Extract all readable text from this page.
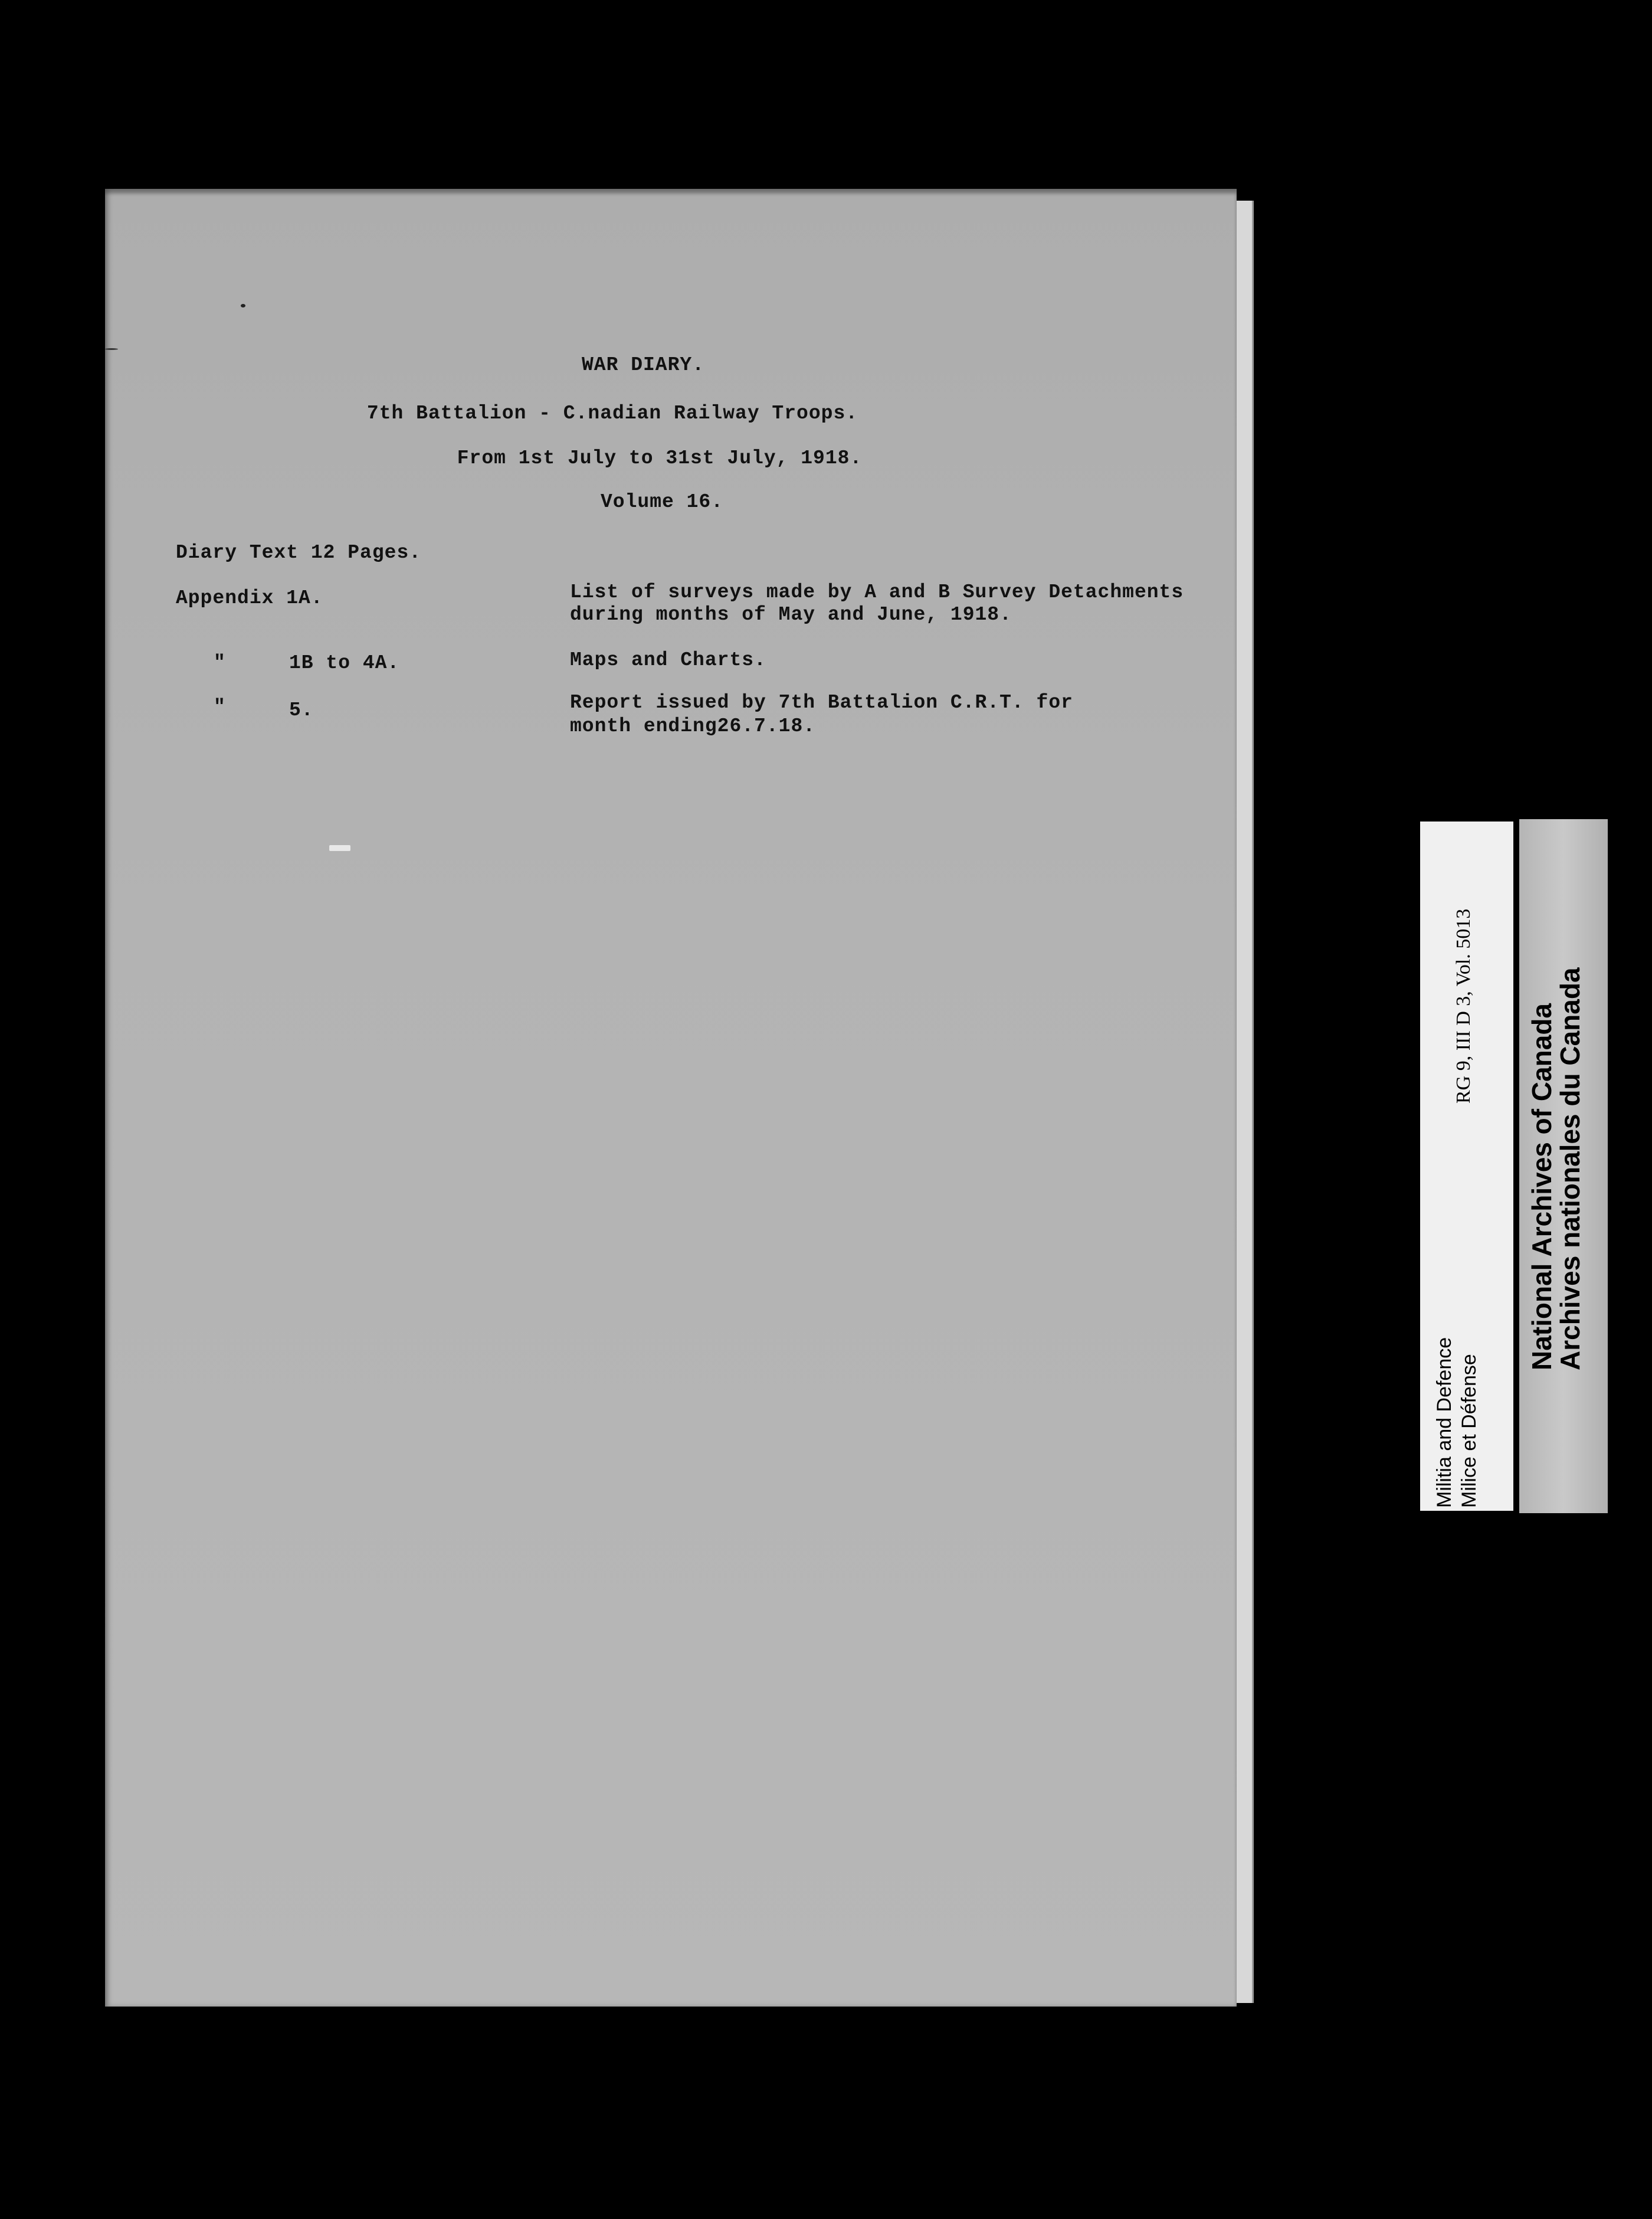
WAR DIARY.
7th Battalion - C.nadian Railway Troops.
From 1st July to 31st July, 1918.
Volume 16.
Diary Text 12 Pages.
Appendix 1A.	List of surveys made by A and B Survey Detachments
during months of May and June, 1918.
"	1B to 4A.	Maps and Charts.
"	5.	Report issued by 7th Battalion C.R.T. for
month ending26.7.18.
RG 9, III D 3, Vol. 5013
Militia and Defence Milice et Défense
National Archives of Canada
Archives nationales du Canada
